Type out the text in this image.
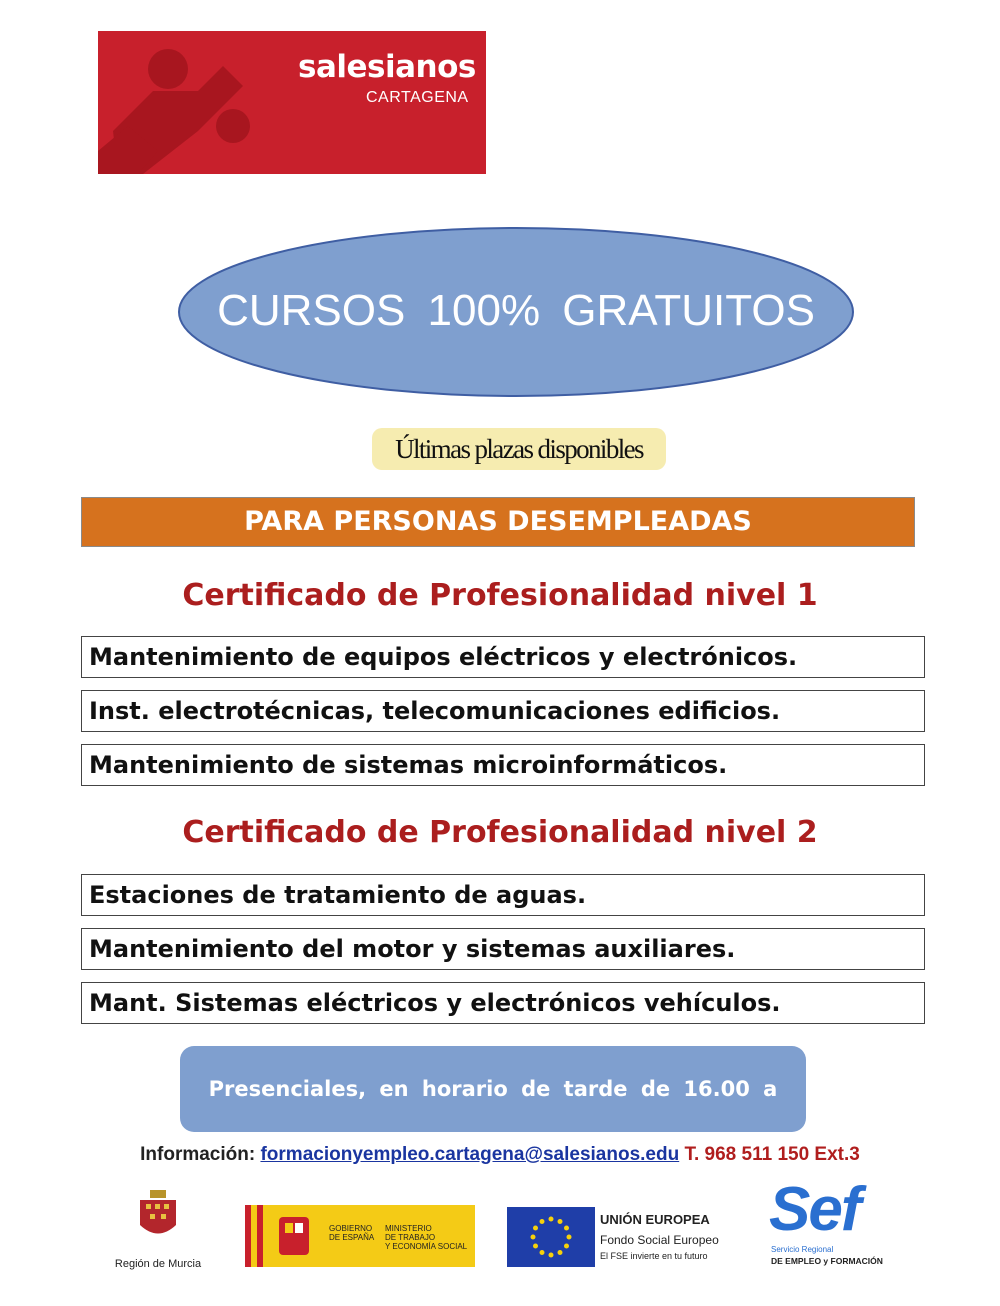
salesianos
CARTAGENA
CURSOS 100% GRATUITOS
Últimas plazas disponibles
PARA PERSONAS DESEMPLEADAS
Certificado de Profesionalidad nivel 1
Mantenimiento de equipos eléctricos y electrónicos.
Inst. electrotécnicas, telecomunicaciones edificios.
Mantenimiento de sistemas microinformáticos.
Certificado de Profesionalidad nivel 2
Estaciones de tratamiento de aguas.
Mantenimiento del motor y sistemas auxiliares.
Mant. Sistemas eléctricos y electrónicos vehículos.
Presenciales, en horario de tarde de 16.00 a 21.00
Información: formacionyempleo.cartagena@salesianos.edu T. 968 511 150 Ext.3
Región de Murcia
GOBIERNO
DE ESPAÑA
MINISTERIO
DE TRABAJO
Y ECONOMÍA SOCIAL
UNIÓN EUROPEA
Fondo Social Europeo
El FSE invierte en tu futuro
Sef
Servicio Regional
DE EMPLEO y FORMACIÓN
